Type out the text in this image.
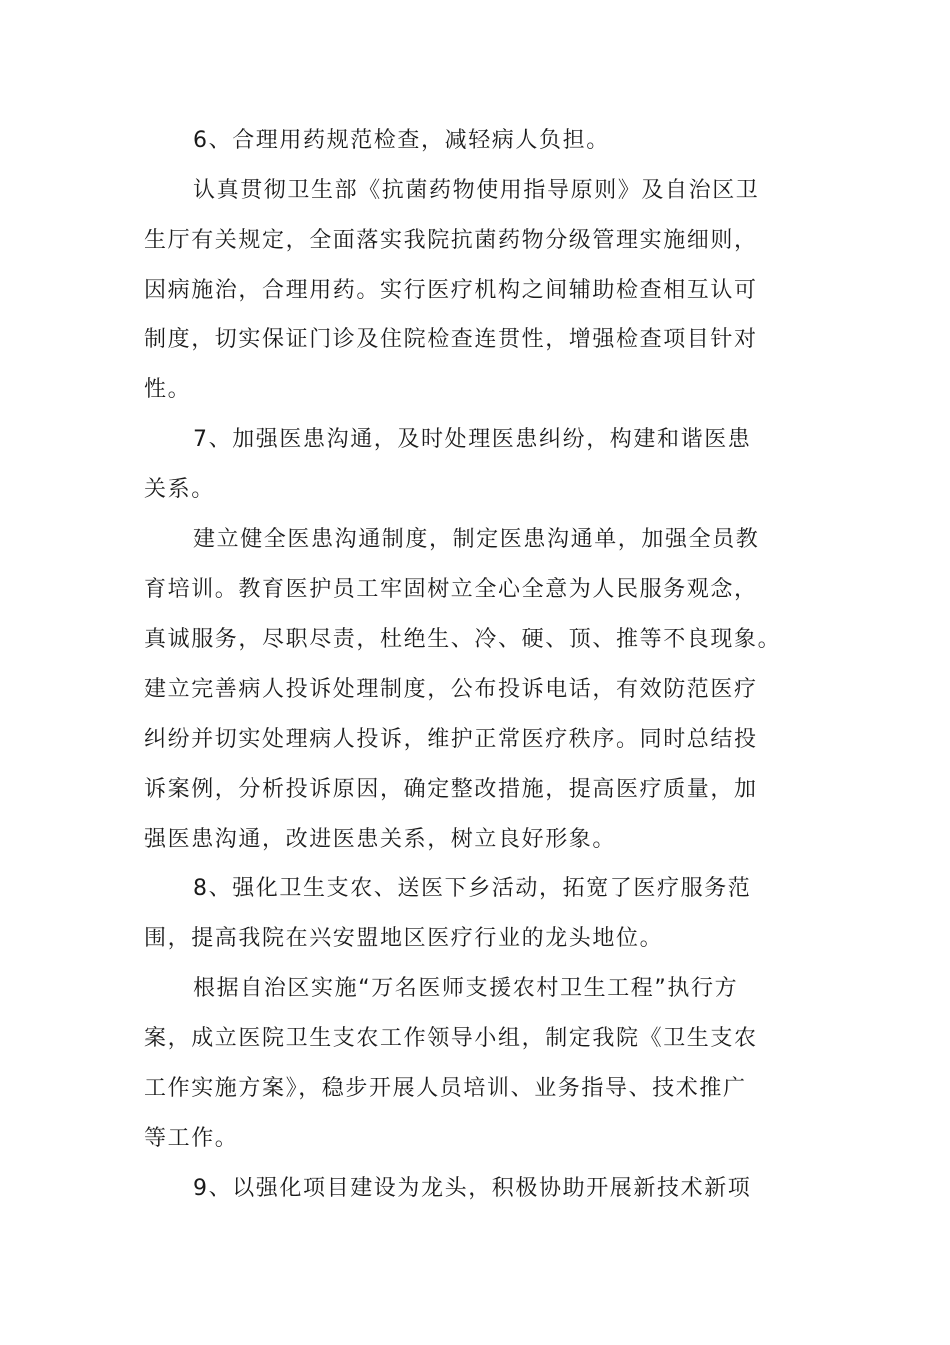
6、合理用药规范检查，减轻病人负担。
认真贯彻卫生部《抗菌药物使用指导原则》及自治区卫
生厅有关规定，全面落实我院抗菌药物分级管理实施细则，
因病施治，合理用药。实行医疗机构之间辅助检查相互认可
制度，切实保证门诊及住院检查连贯性，增强检查项目针对
性。
7、加强医患沟通，及时处理医患纠纷，构建和谐医患
关系。
建立健全医患沟通制度，制定医患沟通单，加强全员教
育培训。教育医护员工牢固树立全心全意为人民服务观念，
真诚服务，尽职尽责，杜绝生、冷、硬、顶、推等不良现象。
建立完善病人投诉处理制度，公布投诉电话，有效防范医疗
纠纷并切实处理病人投诉，维护正常医疗秩序。同时总结投
诉案例，分析投诉原因，确定整改措施，提高医疗质量，加
强医患沟通，改进医患关系，树立良好形象。
8、强化卫生支农、送医下乡活动，拓宽了医疗服务范
围，提高我院在兴安盟地区医疗行业的龙头地位。
根据自治区实施“万名医师支援农村卫生工程”执行方
案，成立医院卫生支农工作领导小组，制定我院《卫生支农
工作实施方案》，稳步开展人员培训、业务指导、技术推广
等工作。
9、以强化项目建设为龙头，积极协助开展新技术新项
